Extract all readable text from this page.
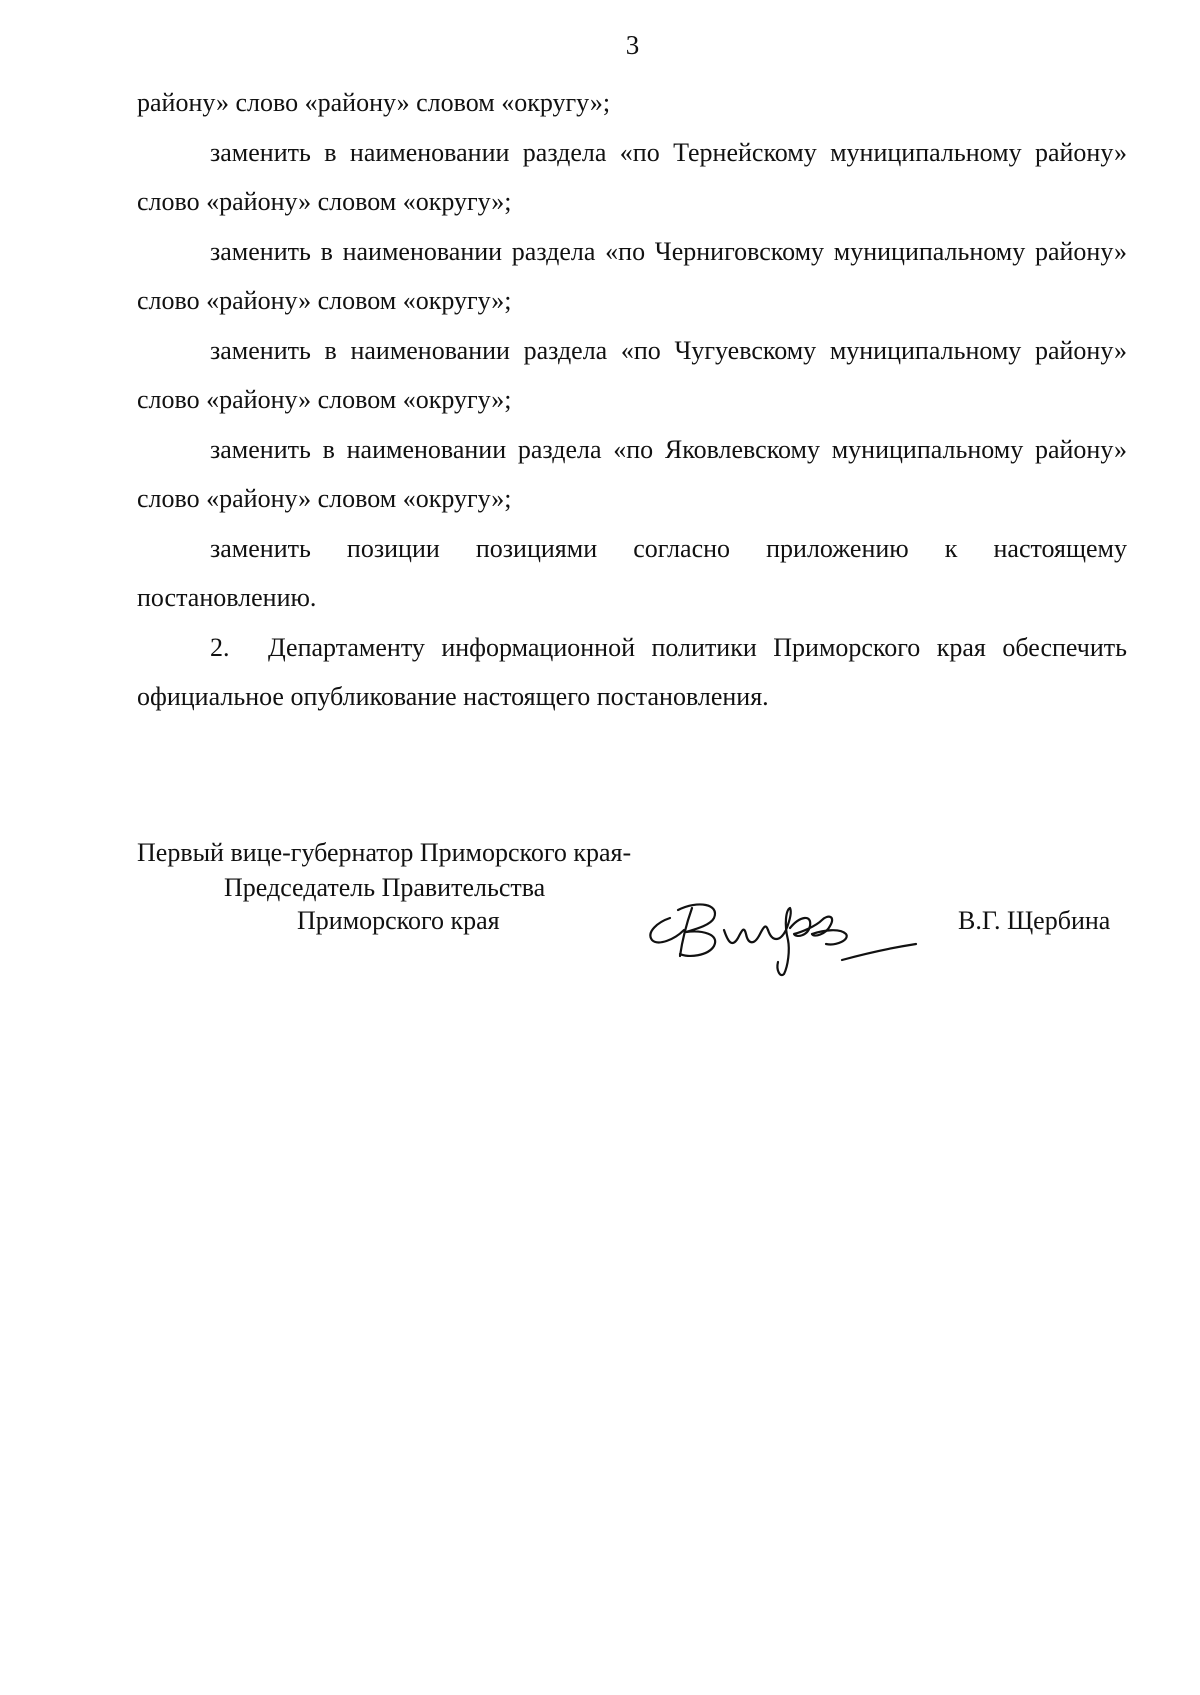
3

району» слово «району» словом «округу»;

заменить в наименовании раздела «по Тернейскому муниципальному району» слово «району» словом «округу»;

заменить в наименовании раздела «по Черниговскому муниципальному району» слово «району» словом «округу»;

заменить в наименовании раздела «по Чугуевскому муниципальному району» слово «району» словом «округу»;

заменить в наименовании раздела «по Яковлевскому муниципальному району» слово «району» словом «округу»;

заменить позиции позициями согласно приложению к настоящему постановлению.

2. Департаменту информационной политики Приморского края обеспечить официальное опубликование настоящего постановления.

Первый вице-губернатор Приморского края-
Председатель Правительства
Приморского края	В.Г. Щербина
